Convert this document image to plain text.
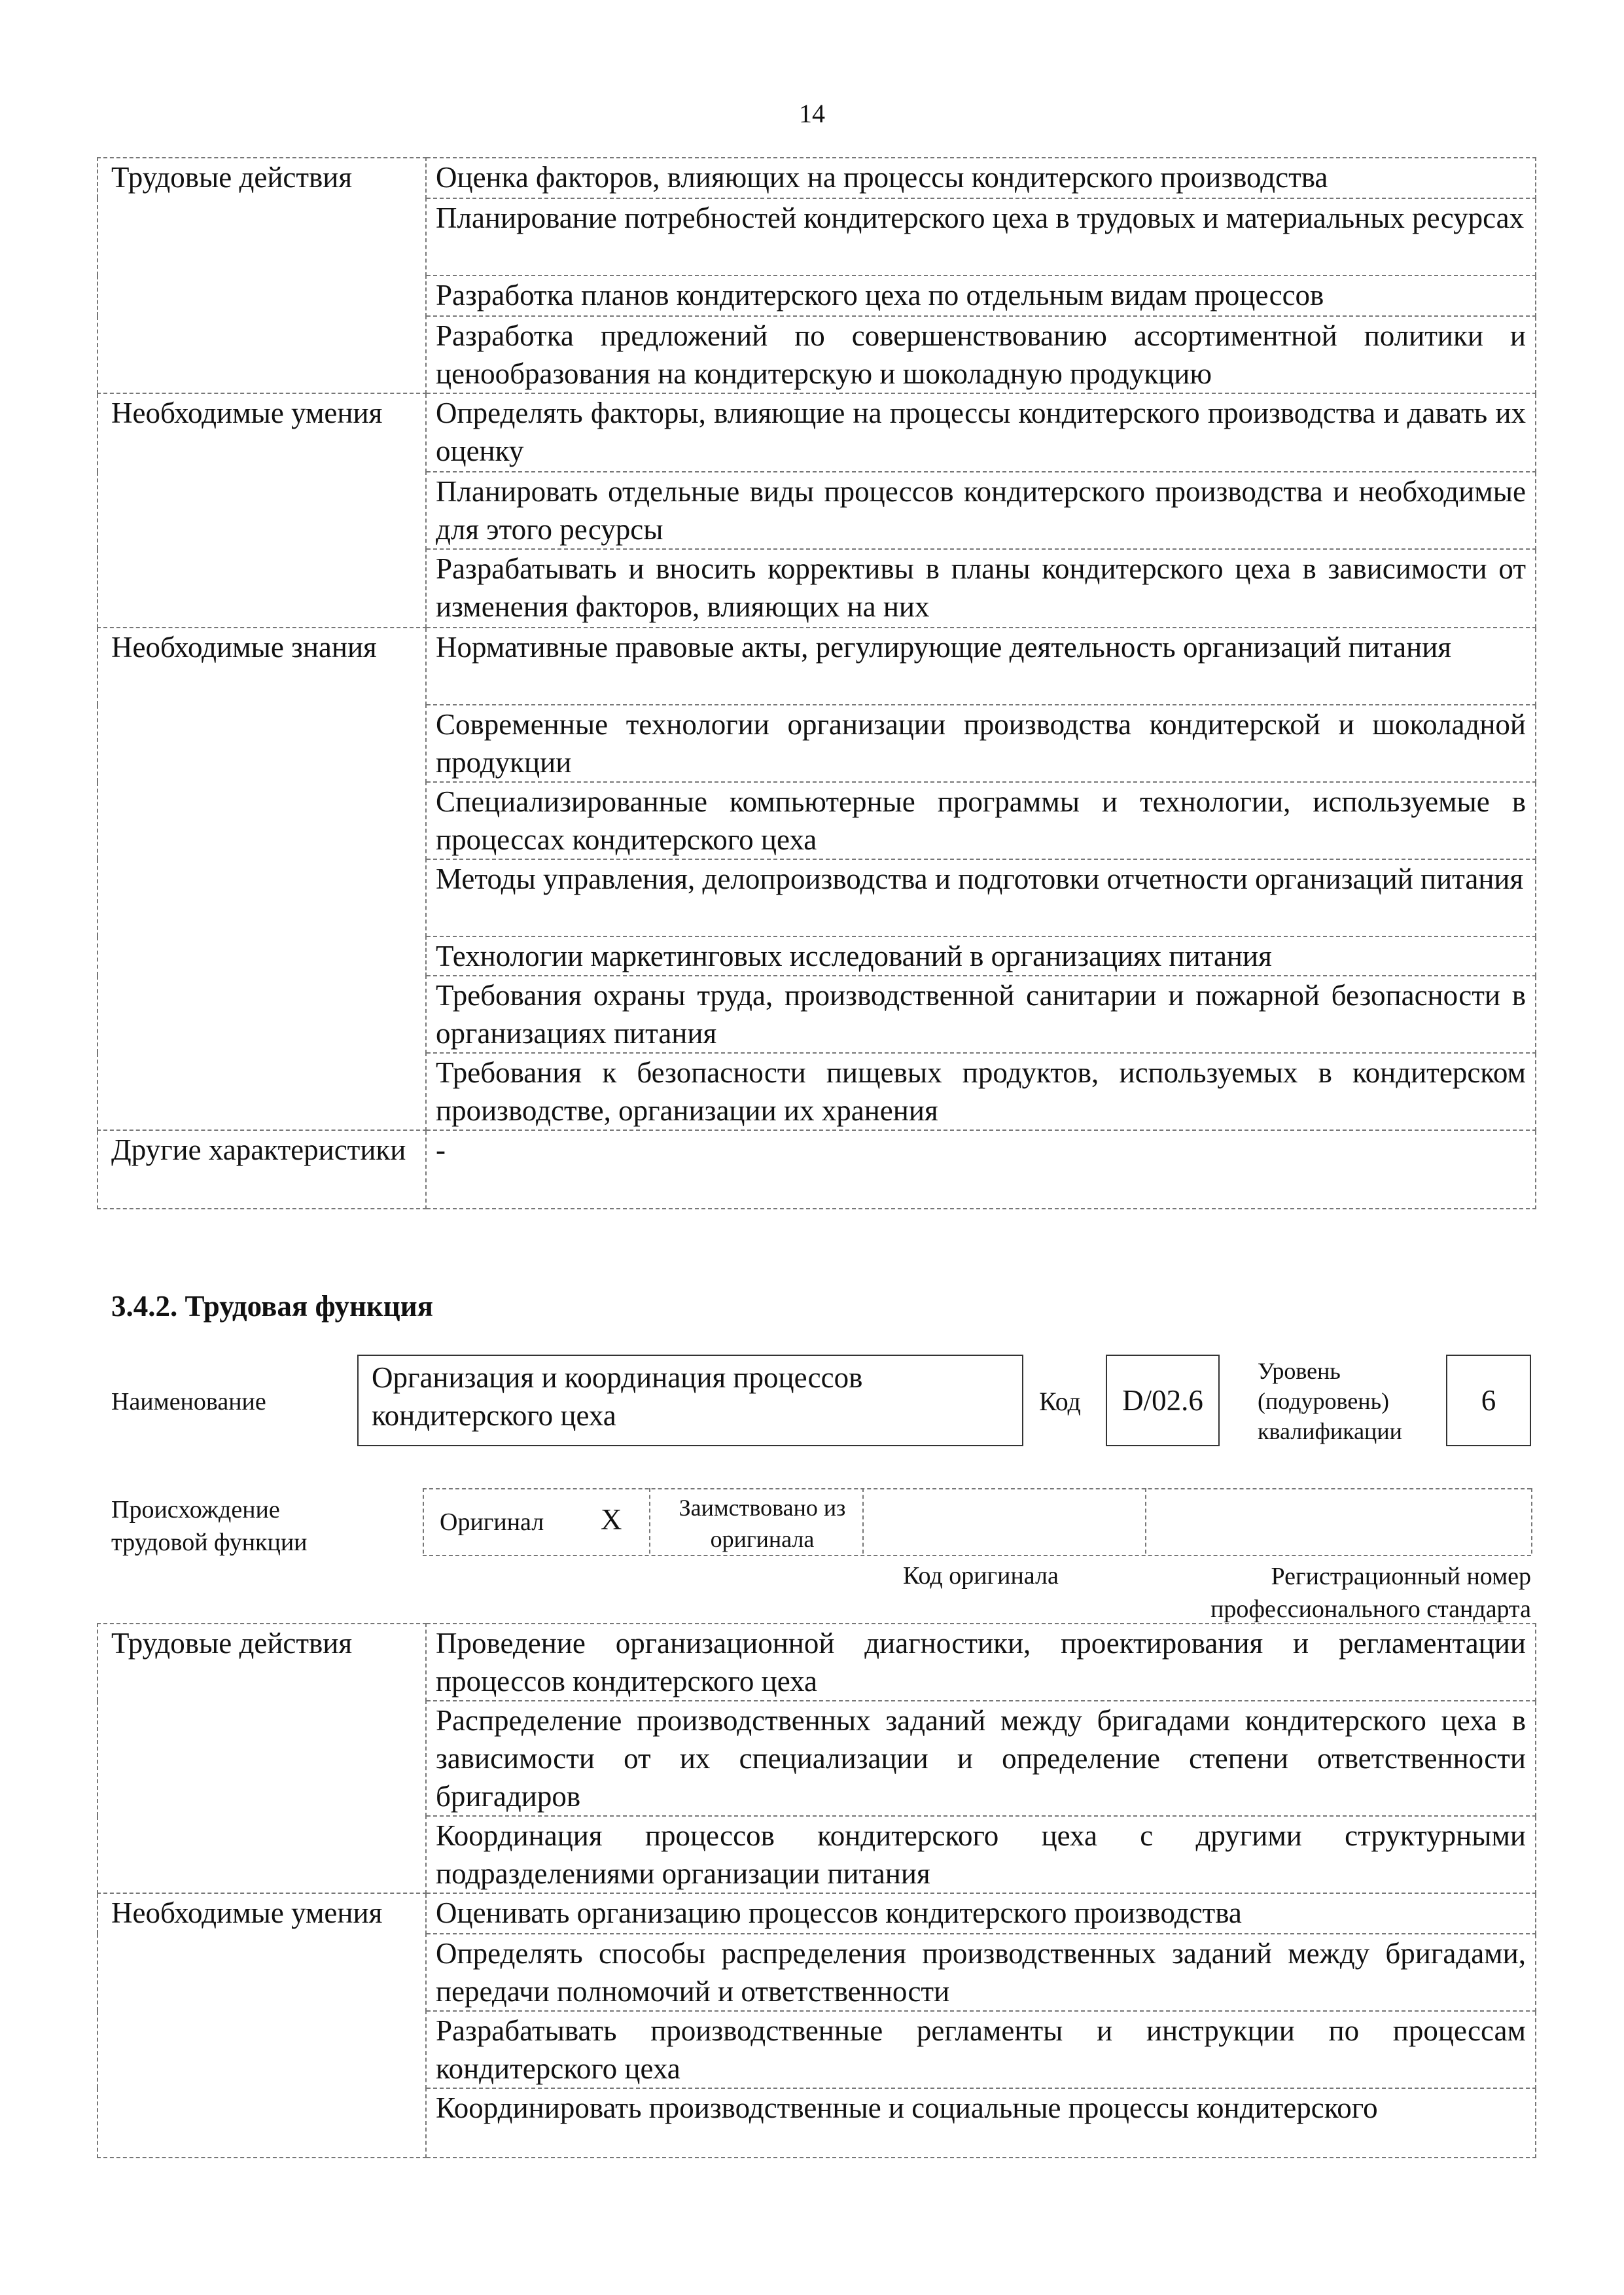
14
Трудовые действия	Оценка факторов, влияющих на процессы кондитерского производства
	Планирование потребностей кондитерского цеха в трудовых и материальных ресурсах
	Разработка планов кондитерского цеха по отдельным видам процессов
	Разработка предложений по совершенствованию ассортиментной политики и ценообразования на кондитерскую и шоколадную продукцию
Необходимые умения	Определять факторы, влияющие на процессы кондитерского производства и давать их оценку
	Планировать отдельные виды процессов кондитерского производства и необходимые для этого ресурсы
	Разрабатывать и вносить коррективы в планы кондитерского цеха в зависимости от изменения факторов, влияющих на них
Необходимые знания	Нормативные правовые акты, регулирующие деятельность организаций питания
	Современные технологии организации производства кондитерской и шоколадной продукции
	Специализированные компьютерные программы и технологии, используемые в процессах кондитерского цеха
	Методы управления, делопроизводства и подготовки отчетности организаций питания
	Технологии маркетинговых исследований в организациях питания
	Требования охраны труда, производственной санитарии и пожарной безопасности в организациях питания
	Требования к безопасности пищевых продуктов, используемых в кондитерском производстве, организации их хранения
Другие характеристики	-
3.4.2. Трудовая функция
Наименование
Организация и координация процессов кондитерского цеха	Код	D/02.6
Уровень (подуровень) квалификации
6
Происхождение трудовой функции
Оригинал X Заимствовано из оригинала
Код оригинала	Регистрационный номер профессионального стандарта
Трудовые действия	Проведение организационной диагностики, проектирования и регламентации процессов кондитерского цеха
	Распределение производственных заданий между бригадами кондитерского цеха в зависимости от их специализации и определение степени ответственности бригадиров
	Координация процессов кондитерского цеха с другими структурными подразделениями организации питания
Необходимые умения	Оценивать организацию процессов кондитерского производства
	Определять способы распределения производственных заданий между бригадами, передачи полномочий и ответственности
	Разрабатывать производственные регламенты и инструкции по процессам кондитерского цеха
	Координировать производственные и социальные процессы кондитерского
